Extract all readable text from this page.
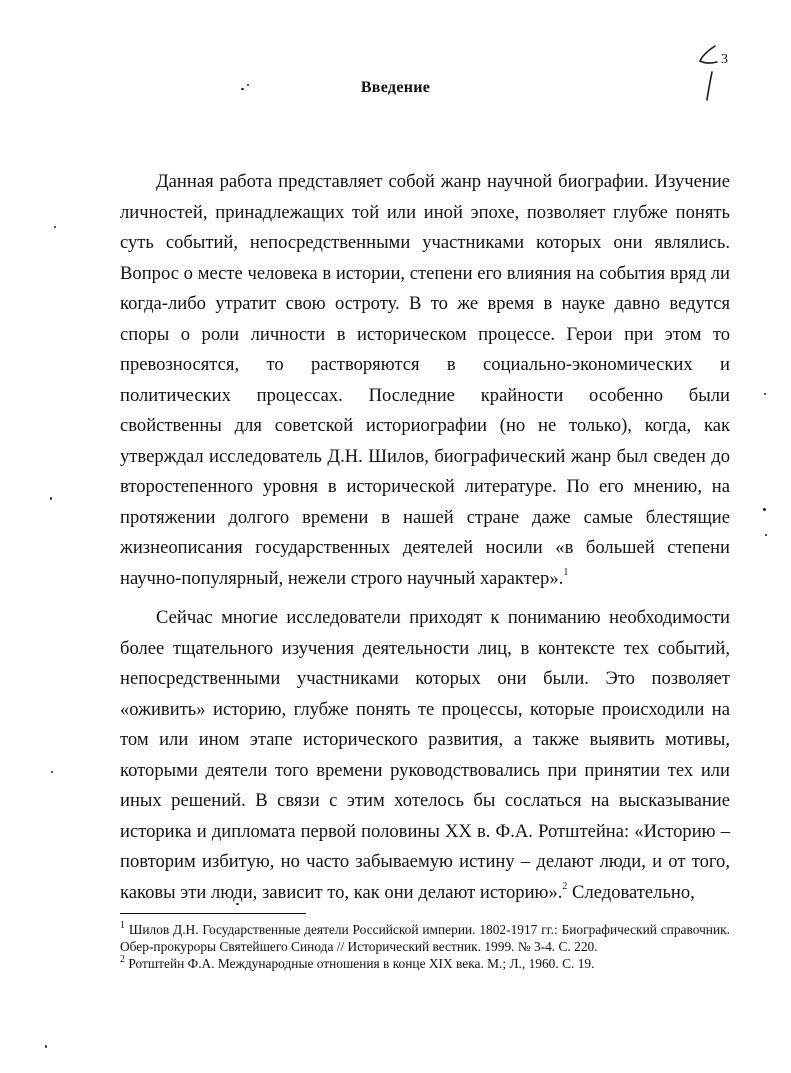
3
Введение

Данная работа представляет собой жанр научной биографии. Изучение личностей, принадлежащих той или иной эпохе, позволяет глубже понять суть событий, непосредственными участниками которых они являлись. Вопрос о месте человека в истории, степени его влияния на события вряд ли когда-либо утратит свою остроту. В то же время в науке давно ведутся споры о роли личности в историческом процессе. Герои при этом то превозносятся, то растворяются в социально-экономических и политических процессах. Последние крайности особенно были свойственны для советской историографии (но не только), когда, как утверждал исследователь Д.Н. Шилов, биографический жанр был сведен до второстепенного уровня в исторической литературе. По его мнению, на протяжении долгого времени в нашей стране даже самые блестящие жизнеописания государственных деятелей носили «в большей степени научно-популярный, нежели строго научный характер».$^1$

Сейчас многие исследователи приходят к пониманию необходимости более тщательного изучения деятельности лиц, в контексте тех событий, непосредственными участниками которых они были. Это позволяет «оживить» историю, глубже понять те процессы, которые происходили на том или ином этапе исторического развития, а также выявить мотивы, которыми деятели того времени руководствовались при принятии тех или иных решений. В связи с этим хотелось бы сослаться на высказывание историка и дипломата первой половины XX в. Ф.А. Ротштейна: «Историю – повторим избитую, но часто забываемую истину – делают люди, и от того, каковы эти люди, зависит то, как они делают историю».$^2$ Следовательно,

$^1$ Шилов Д.Н. Государственные деятели Российской империи. 1802-1917 гг.: Биографический справочник. Обер-прокуроры Святейшего Синода // Исторический вестник. 1999. № 3-4. С. 220.

$^2$ Ротштейн Ф.А. Международные отношения в конце XIX века. М.; Л., 1960. С. 19.
